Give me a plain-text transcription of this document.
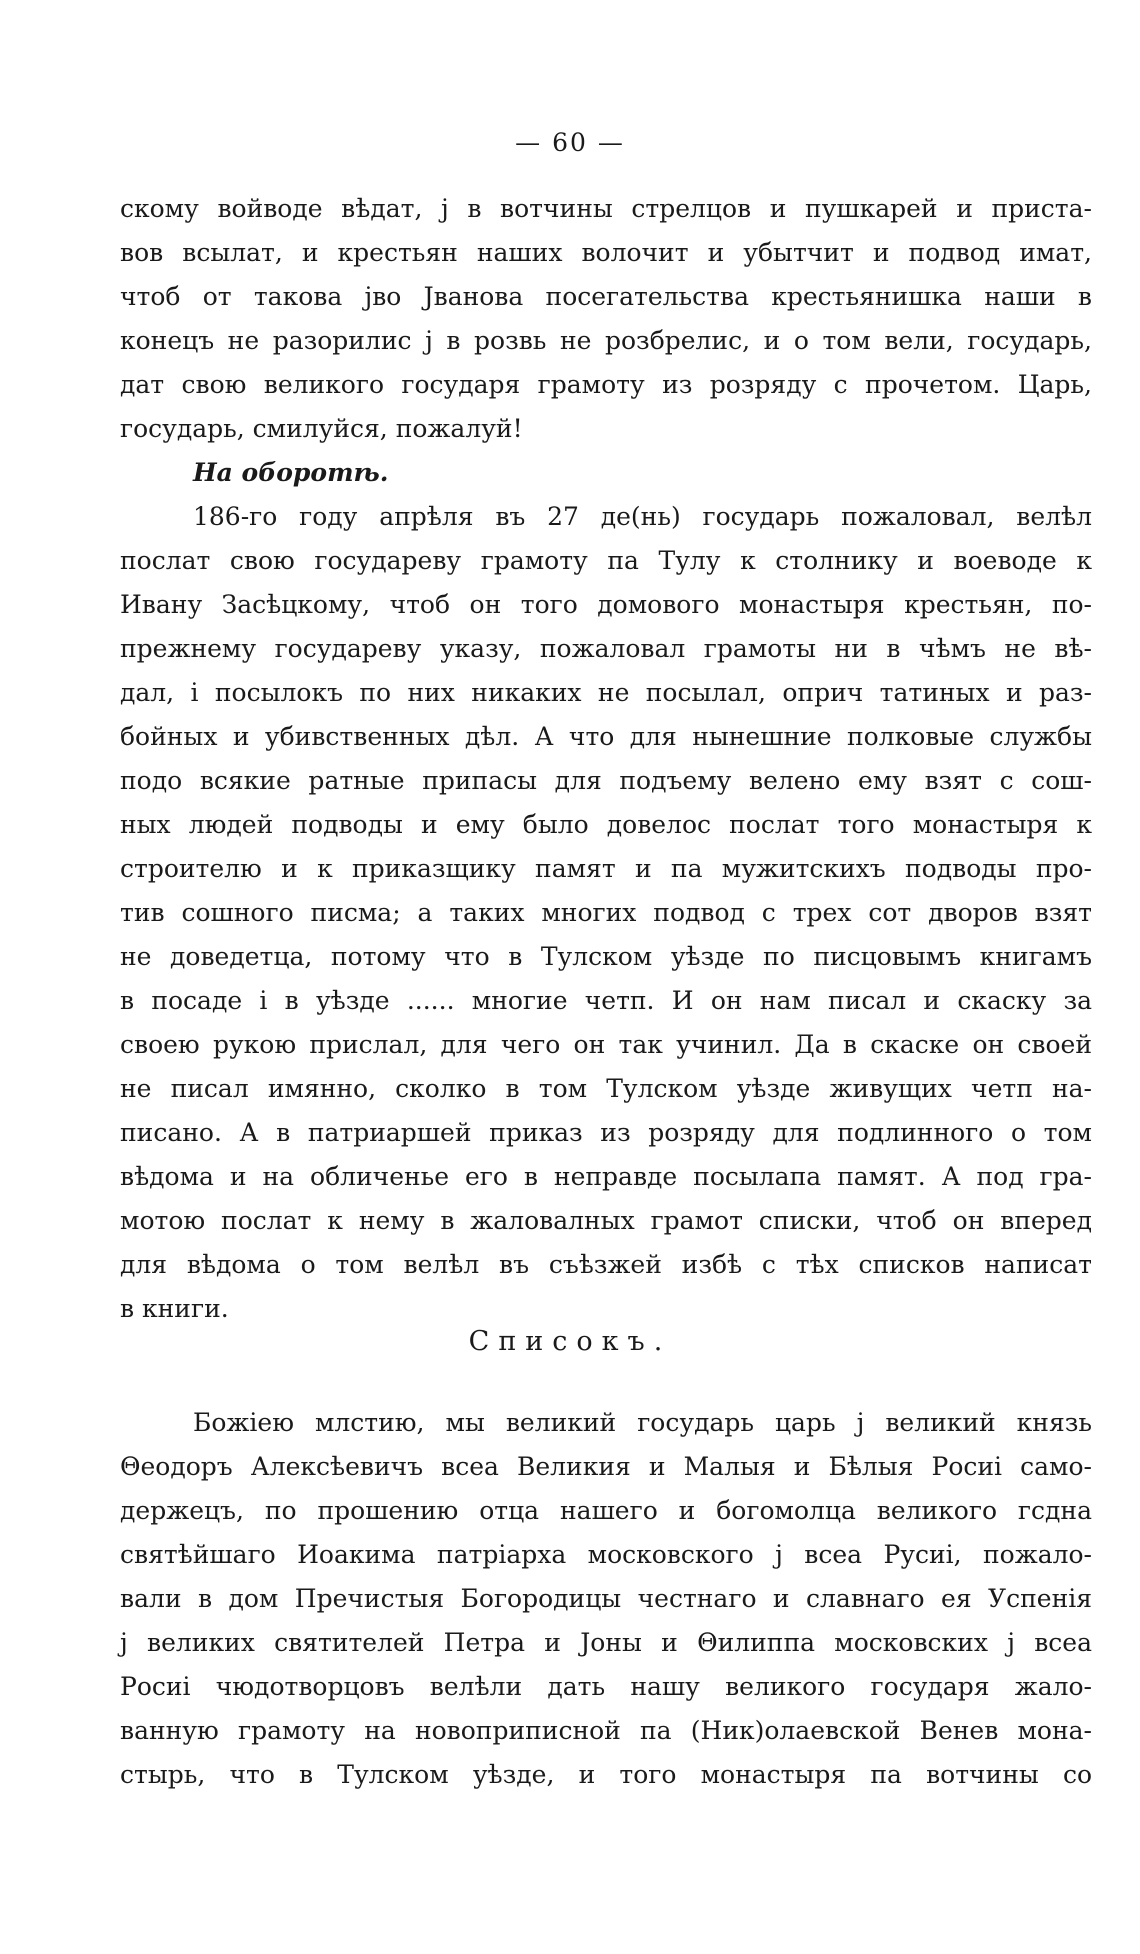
— 60 —
скому войводе вѣдат, ј в вотчины стрелцов и пушкарей и приста-
вов всылат, и крестьян наших волочит и убытчит и подвод имат,
чтоб от такова јво Јванова посегательства крестьянишка наши в
конецъ не разорилис ј в розвь не розбрелис, и о том вели, государь,
дат свою великого государя грамоту из розряду с прочетом. Царь,
государь, смилуйся, пожалуй!
На оборотѣ.
186-го году апрѣля въ 27 де(нь) государь пожаловал, велѣл
послат свою государеву грамоту па Тулу к столнику и воеводе к
Ивану Засѣцкому, чтоб он того домового монастыря крестьян, по-
прежнему государеву указу, пожаловал грамоты ни в чѣмъ не вѣ-
дал, і посылокъ по них никаких не посылал, оприч татиных и раз-
бойных и убивственных дѣл. А что для нынешние полковые службы
подо всякие ратные припасы для подъему велено ему взят с сош-
ных людей подводы и ему было довелос послат того монастыря к
строителю и к приказщику памят и па мужитскихъ подводы про-
тив сошного писма; а таких многих подвод с трех сот дворов взят
не доведетца, потому что в Тулском уѣзде по писцовымъ книгамъ
в посаде і в уѣзде ...... многие четп. И он нам писал и скаску за
своею рукою прислал, для чего он так учинил. Да в скаске он своей
не писал имянно, сколко в том Тулском уѣзде живущих четп на-
писано. А в патриаршей приказ из розряду для подлинного о том
вѣдома и на обличенье его в неправде посылапа памят. А под гра-
мотою послат к нему в жаловалных грамот списки, чтоб он вперед
для вѣдома о том велѣл въ съѣзжей избѣ с тѣх списков написат
в книги.
Списокъ.
Божiею млстию, мы великий государь царь ј великий князь
Θеодоръ Алексѣевичъ всеа Великия и Малыя и Бѣлыя Росиі само-
держецъ, по прошению отца нашего и богомолца великого гсдна
святѣйшаго Иоакима патрiарха московского ј всеа Русиі, пожало-
вали в дом Пречистыя Богородицы честнаго и славнаго ея Успенiя
ј великих святителей Петра и Јоны и Θилиппа московских ј всеа
Росиі чюдотворцовъ велѣли дать нашу великого государя жало-
ванную грамоту на новоприписной па (Ник)олаевской Венев мона-
стырь, что в Тулском уѣзде, и того монастыря па вотчины со
